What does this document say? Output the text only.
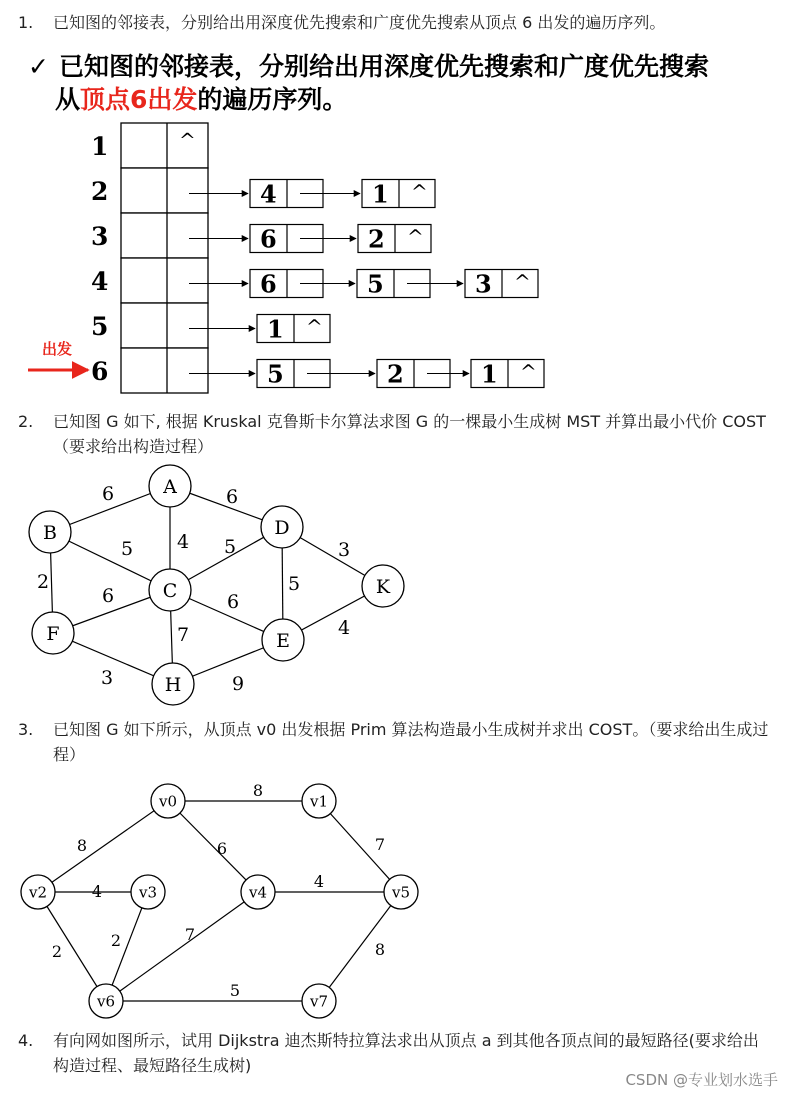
1. 已知图的邻接表，分别给出用深度优先搜索和广度优先搜索从顶点 6 出发的遍历序列。
✓ 已知图的邻接表，分别给出用深度优先搜索和广度优先搜索
从顶点6出发的遍历序列。
1	^
2	4	1 ^
3	6	2 ^
4	6	5	3 ^
5	1 ^
6	5	2	1 ^
出发
2. 已知图 G 如下, 根据 Kruskal 克鲁斯卡尔算法求图 G 的一棵最小生成树 MST 并算出最小代价 COST（要求给出构造过程）
6	6
4
5
2
5
6	6
7
5
3
4
3	9
A
B
C
D
E
F
H
K
3. 已知图 G 如下所示，从顶点 v0 出发根据 Prim 算法构造最小生成树并求出 COST。（要求给出生成过程）
8
8	6	7
4
2
2
4
7
5
8
v0	v1
v2	v3	v4	v5
v6	v7
4. 有向网如图所示，试用 Dijkstra 迪杰斯特拉算法求出从顶点 a 到其他各顶点间的最短路径(要求给出构造过程、最短路径生成树)
CSDN @专业划水选手
